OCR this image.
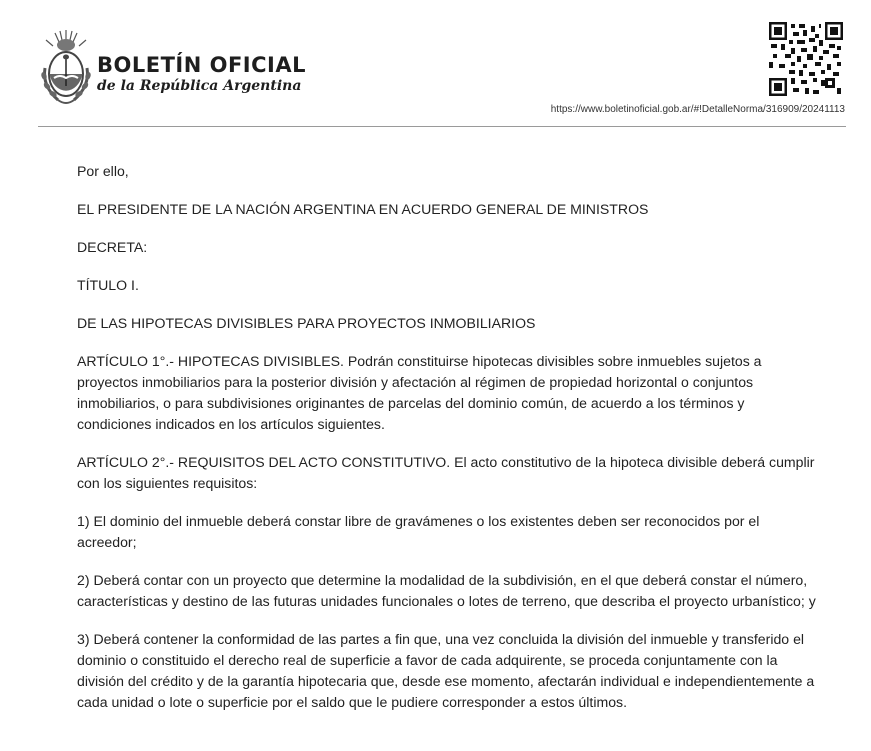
BOLETÍN OFICIAL
de la República Argentina
https://www.boletinoficial.gob.ar/#!DetalleNorma/316909/20241113

Por ello,

EL PRESIDENTE DE LA NACIÓN ARGENTINA EN ACUERDO GENERAL DE MINISTROS

DECRETA:

TÍTULO I.

DE LAS HIPOTECAS DIVISIBLES PARA PROYECTOS INMOBILIARIOS

ARTÍCULO 1°.- HIPOTECAS DIVISIBLES. Podrán constituirse hipotecas divisibles sobre inmuebles sujetos a proyectos inmobiliarios para la posterior división y afectación al régimen de propiedad horizontal o conjuntos inmobiliarios, o para subdivisiones originantes de parcelas del dominio común, de acuerdo a los términos y condiciones indicados en los artículos siguientes.

ARTÍCULO 2°.- REQUISITOS DEL ACTO CONSTITUTIVO. El acto constitutivo de la hipoteca divisible deberá cumplir con los siguientes requisitos:

1) El dominio del inmueble deberá constar libre de gravámenes o los existentes deben ser reconocidos por el acreedor;

2) Deberá contar con un proyecto que determine la modalidad de la subdivisión, en el que deberá constar el número, características y destino de las futuras unidades funcionales o lotes de terreno, que describa el proyecto urbanístico; y

3) Deberá contener la conformidad de las partes a fin que, una vez concluida la división del inmueble y transferido el dominio o constituido el derecho real de superficie a favor de cada adquirente, se proceda conjuntamente con la división del crédito y de la garantía hipotecaria que, desde ese momento, afectarán individual e independientemente a cada unidad o lote o superficie por el saldo que le pudiere corresponder a estos últimos.
